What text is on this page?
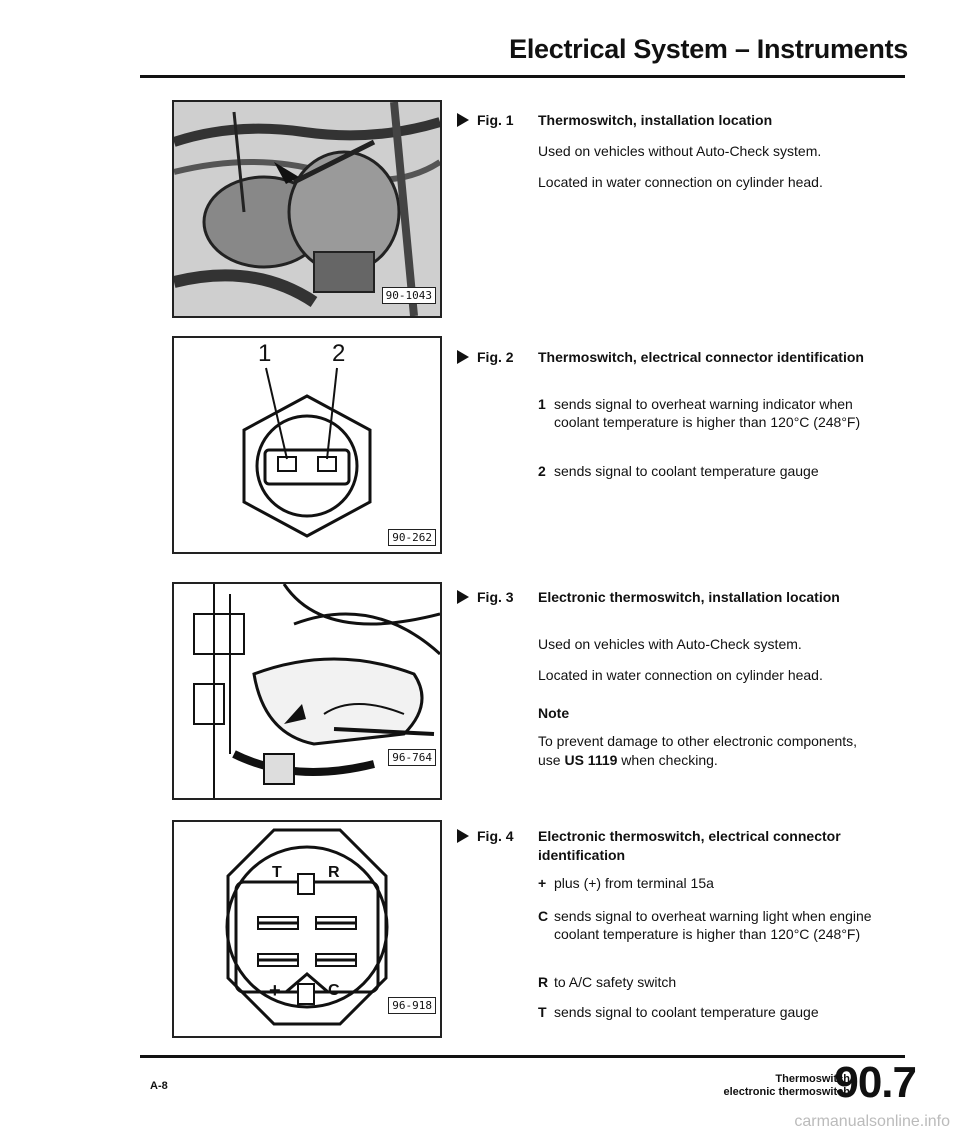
Electrical System – Instruments
90-1043
Fig. 1 Thermoswitch, installation location
Used on vehicles without Auto-Check system.
Located in water connection on cylinder head.
1	2
90-262
Fig. 2 Thermoswitch, electrical connector identification
1 sends signal to overheat warning indicator when coolant temperature is higher than 120°C (248°F)
2 sends signal to coolant temperature gauge
96-764
Fig. 3 Electronic thermoswitch, installation location
Used on vehicles with Auto-Check system.
Located in water connection on cylinder head.
Note
To prevent damage to other electronic components, use US 1119 when checking.
T	R
+	C
96-918
Fig. 4 Electronic thermoswitch, electrical connector identification
+ plus (+) from terminal 15a
C sends signal to overheat warning light when engine coolant temperature is higher than 120°C (248°F)
R to A/C safety switch
T sends signal to coolant temperature gauge
A-8
Thermoswitch
electronic thermoswitch
90.7
carmanualsonline.info
